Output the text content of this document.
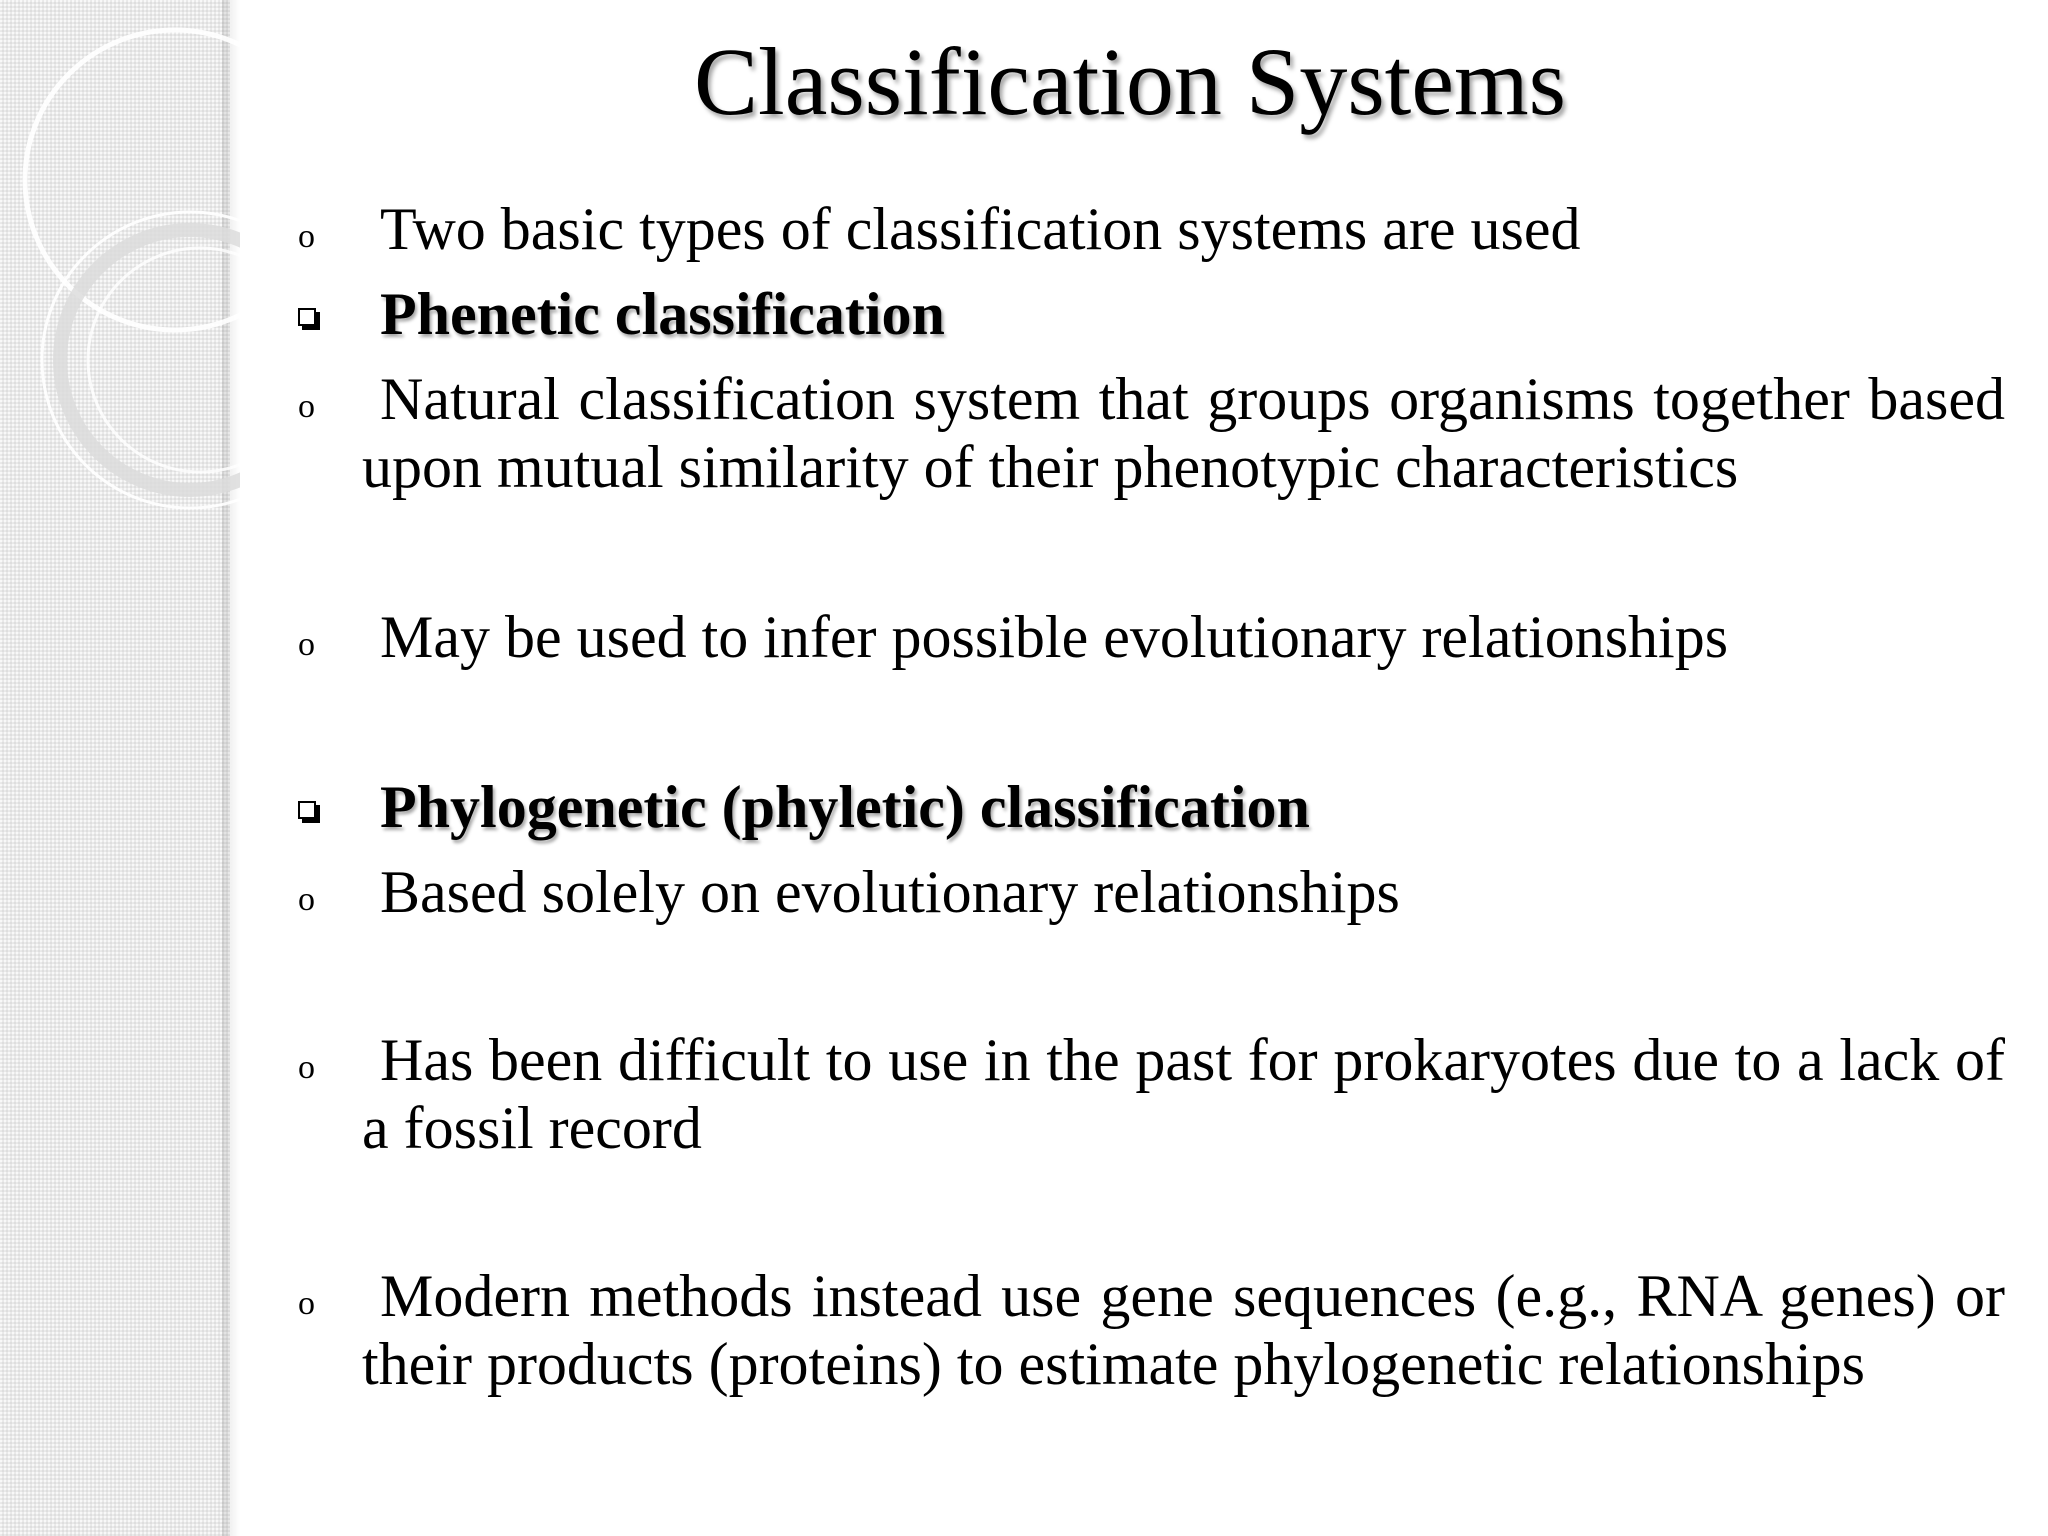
Classification Systems
o Two basic types of classification systems are used
Phenetic classification
o	Natural classification system that groups organisms together based upon mutual similarity of their phenotypic characteristics
o May be used to infer possible evolutionary relationships
Phylogenetic (phyletic) classification
o Based solely on evolutionary relationships
o	Has been difficult to use in the past for prokaryotes due to a lack of a fossil record
o	Modern methods instead use gene sequences (e.g., RNA genes) or their products (proteins) to estimate phylogenetic relationships
